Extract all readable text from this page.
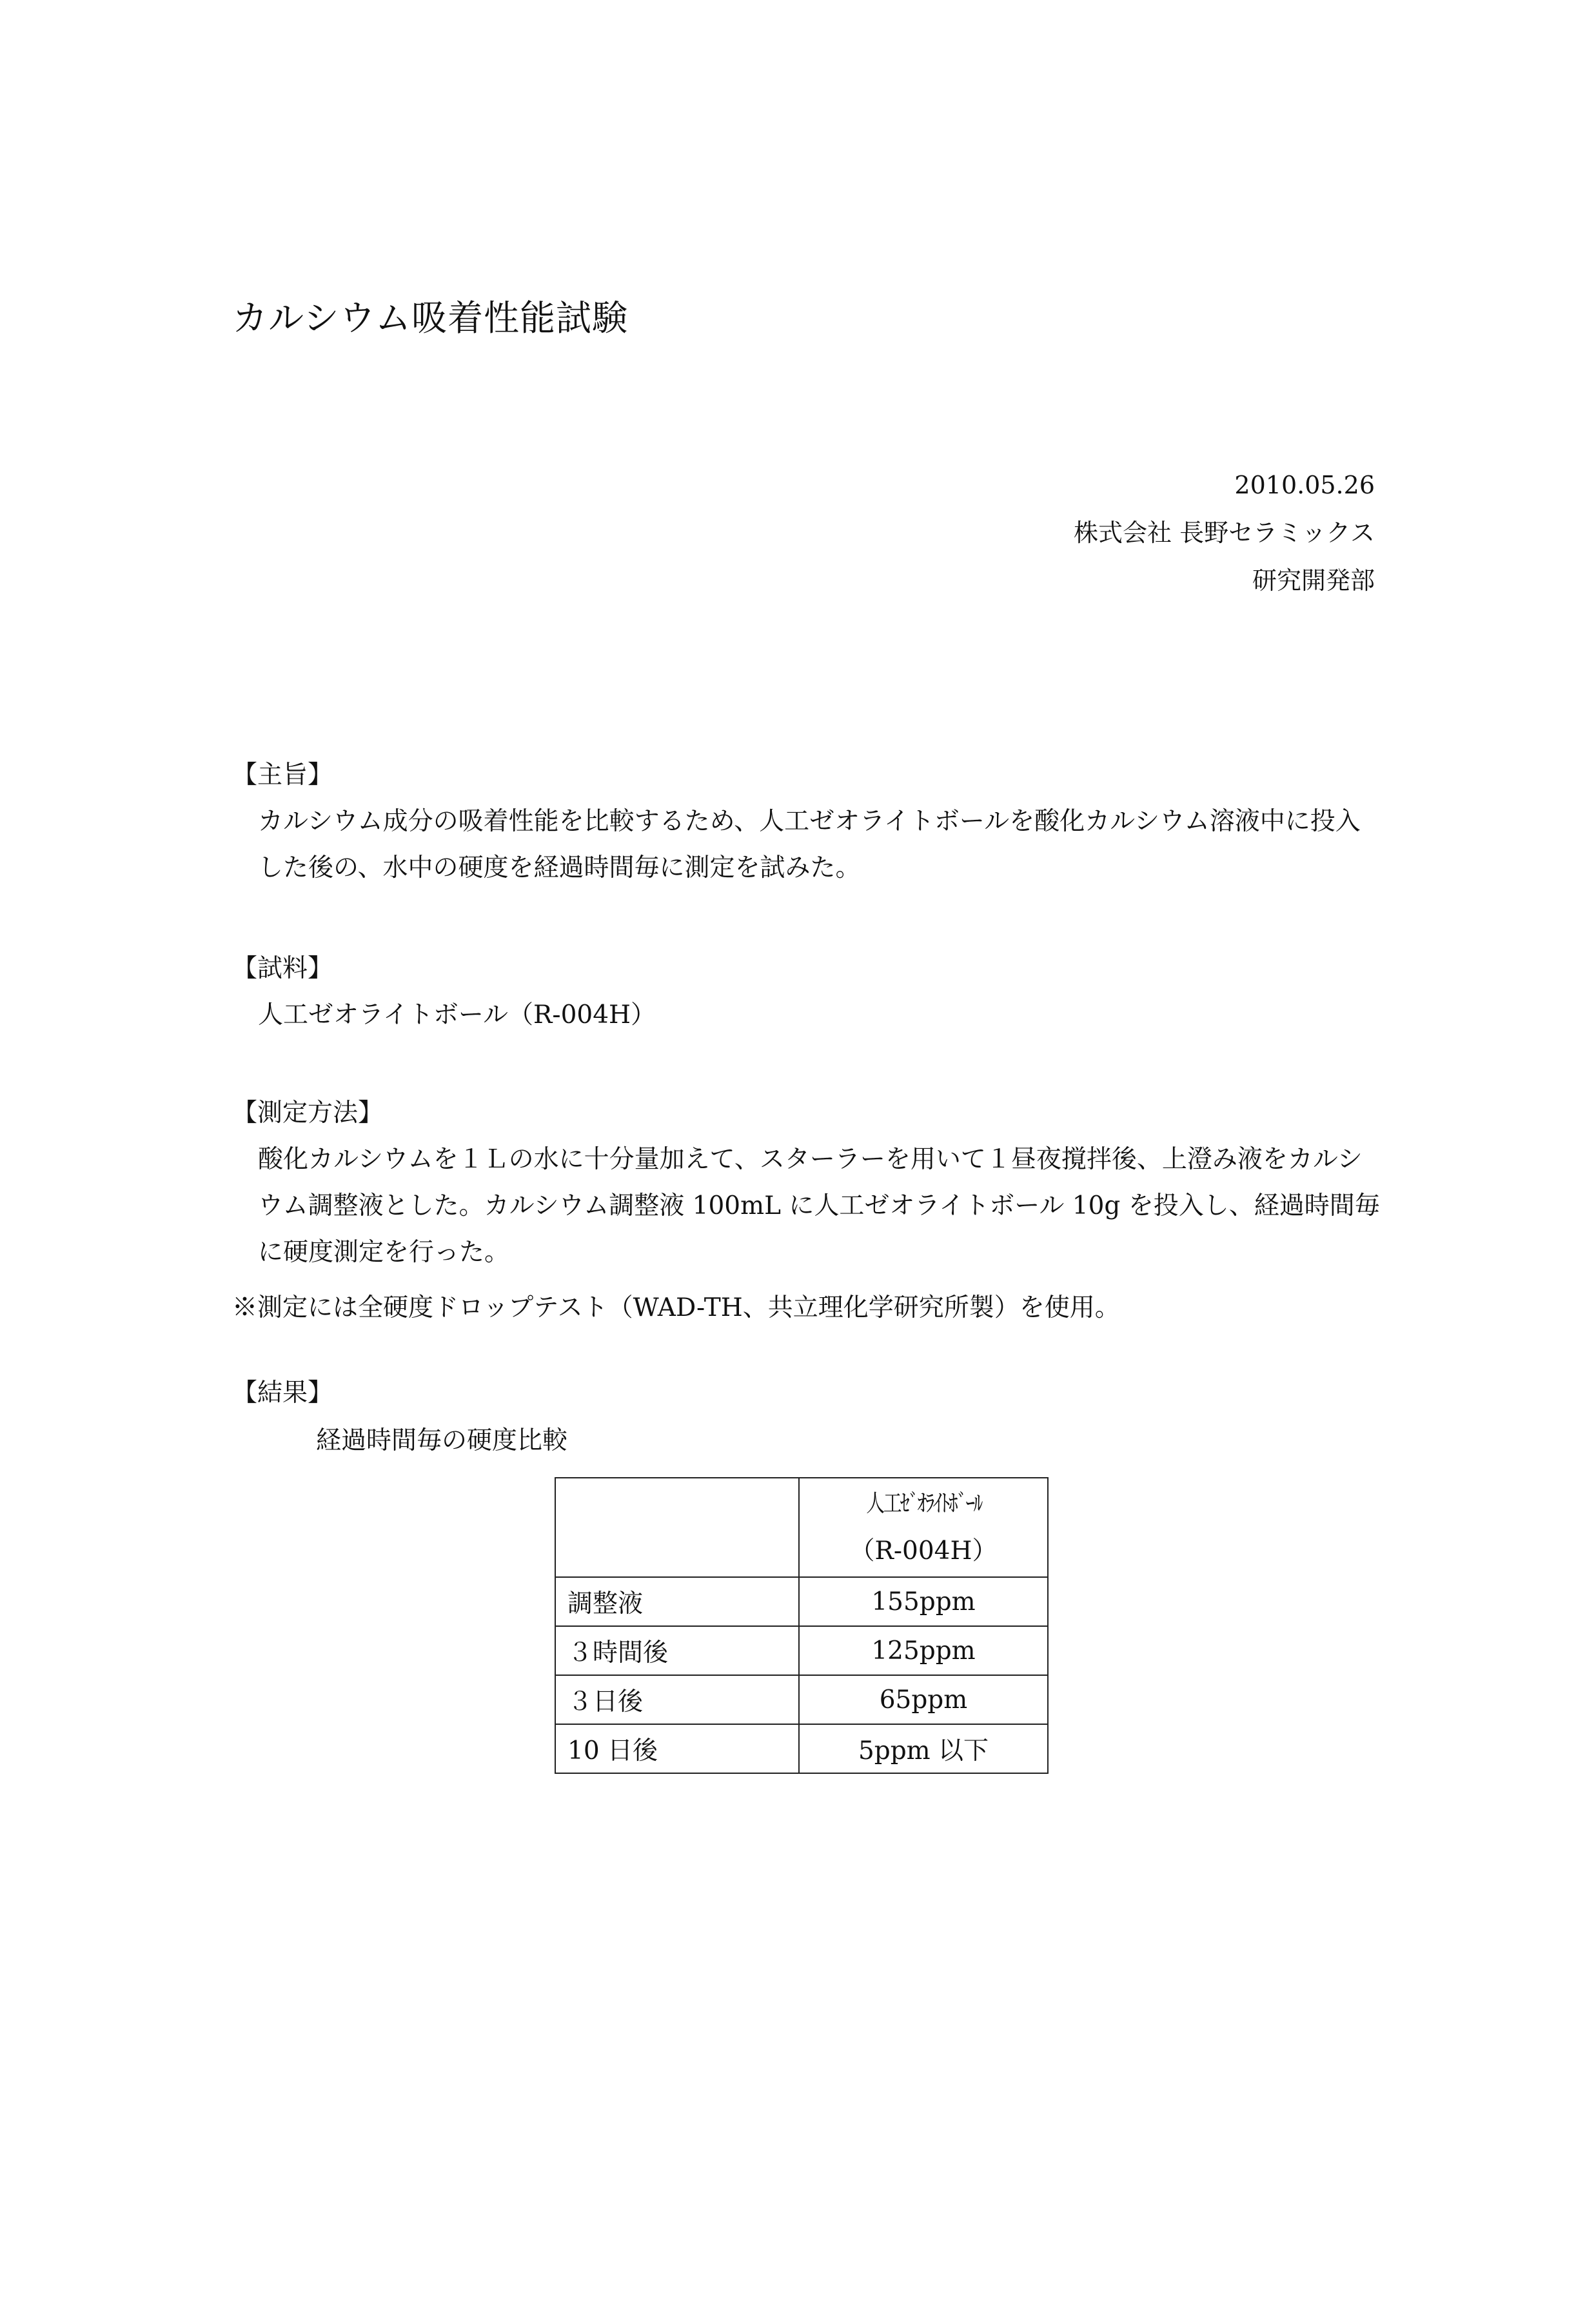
カルシウム吸着性能試験
2010.05.26
株式会社 長野セラミックス
研究開発部
【主旨】
カルシウム成分の吸着性能を比較するため、人工ゼオライトボールを酸化カルシウム溶液中に投入した後の、水中の硬度を経過時間毎に測定を試みた。
【試料】
人工ゼオライトボール（R-004H）
【測定方法】
酸化カルシウムを１Ｌの水に十分量加えて、スターラーを用いて１昼夜撹拌後、上澄み液をカルシウム調整液とした。カルシウム調整液 100mL に人工ゼオライトボール 10g を投入し、経過時間毎に硬度測定を行った。
※測定には全硬度ドロップテスト（WAD-TH、共立理化学研究所製）を使用。
【結果】
経過時間毎の硬度比較

	人工ｾﾞｵﾗｲﾄﾎﾞｰﾙ
（R-004H）

調整液	155ppm
３時間後	125ppm
３日後	65ppm
10 日後	5ppm 以下
